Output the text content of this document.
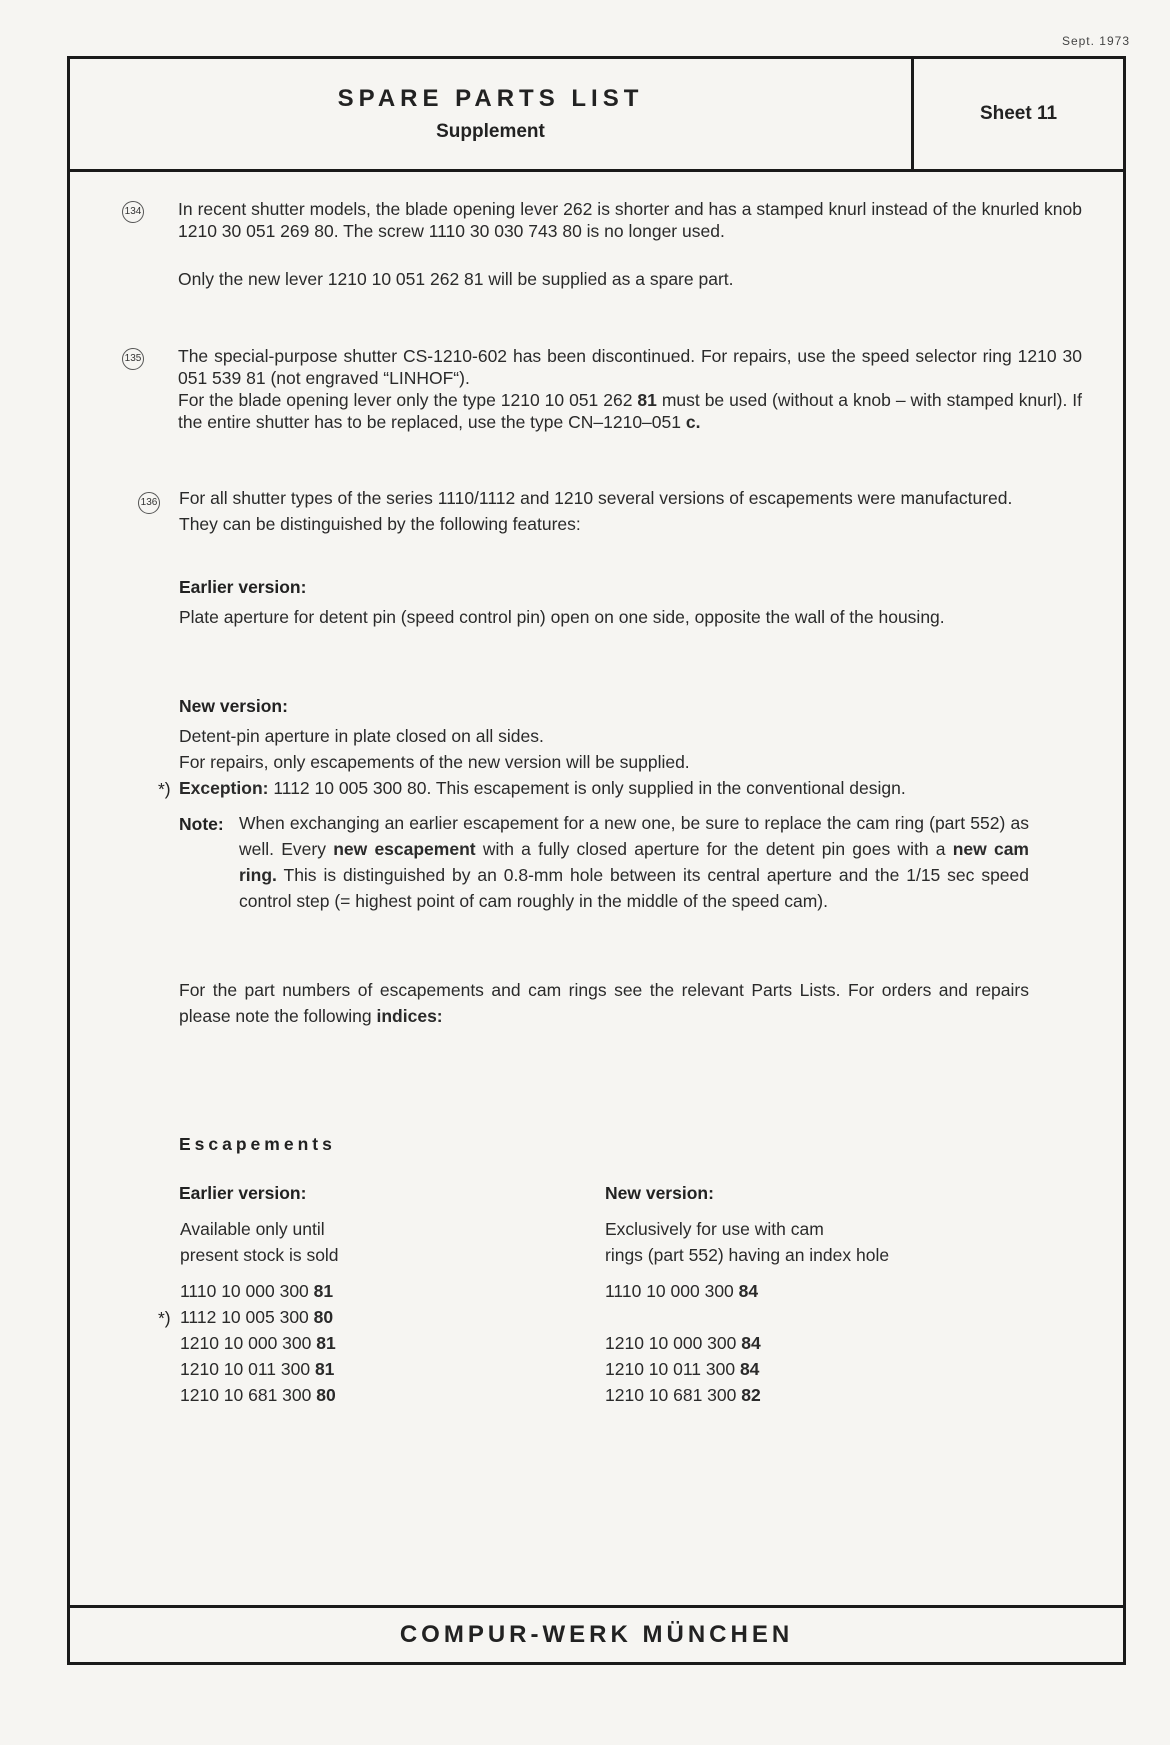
Sept. 1973
SPARE PARTS LIST
Supplement
Sheet 11
COMPUR-WERK MÜNCHEN
134 In recent shutter models, the blade opening lever 262 is shorter and has a stamped knurl instead of the knurled knob 1210 30 051 269 80. The screw 1110 30 030 743 80 is no longer used.

Only the new lever 1210 10 051 262 81 will be supplied as a spare part.

135 The special-purpose shutter CS-1210-602 has been discontinued. For repairs, use the speed selector ring 1210 30 051 539 81 (not engraved “LINHOF“).

For the blade opening lever only the type 1210 10 051 262 81 must be used (without a knob – with stamped knurl). If the entire shutter has to be replaced, use the type CN–1210–051 c.

136 For all shutter types of the series 1110/1112 and 1210 several versions of escapements were manufactured. They can be distinguished by the following features:

Earlier version:

Plate aperture for detent pin (speed control pin) open on one side, opposite the wall of the housing.

New version:

Detent-pin aperture in plate closed on all sides.

For repairs, only escapements of the new version will be supplied.

*) Exception: 1112 10 005 300 80. This escapement is only supplied in the conventional design.

Note: When exchanging an earlier escapement for a new one, be sure to replace the cam ring (part 552) as well. Every new escapement with a fully closed aperture for the detent pin goes with a new cam ring. This is distinguished by an 0.8-mm hole between its central aperture and the 1/15 sec speed control step (= highest point of cam roughly in the middle of the speed cam).

For the part numbers of escapements and cam rings see the relevant Parts Lists. For orders and repairs please note the following indices:

Escapements
Earlier version:	New version:
Available only until
present stock is sold
Exclusively for use with cam
rings (part 552) having an index hole
*)
1110 10 000 300 81
1112 10 005 300 80
1210 10 000 300 81
1210 10 011 300 81
1210 10 681 300 80
1110 10 000 300 84
1210 10 000 300 84
1210 10 011 300 84
1210 10 681 300 82
